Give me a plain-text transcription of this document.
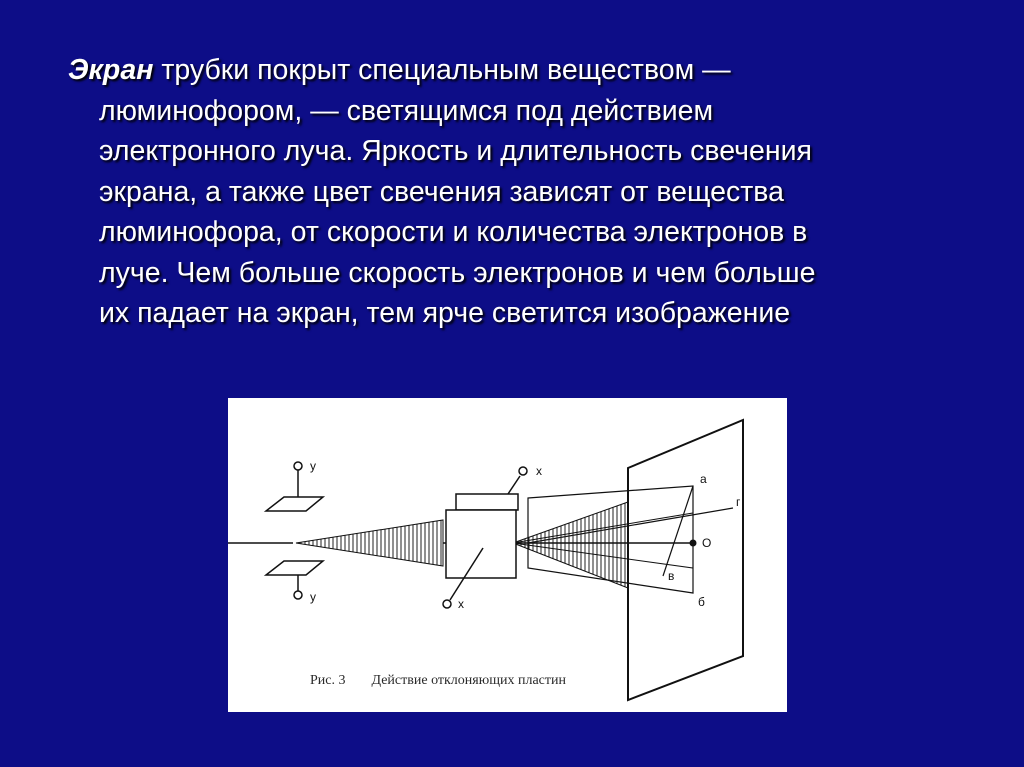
Экран трубки покрыт специальным веществом —
люминофором, — светящимся под действием
электронного луча. Яркость и длительность свечения
экрана, а также цвет свечения зависят от вещества
люминофора, от скорости и количества электронов в
луче. Чем больше скорость электронов и чем больше
их падает на экран, тем ярче светится изображение
у
у
х
х
а
г
О
в
б
Рис. 3 Действие отклоняющих пластин
